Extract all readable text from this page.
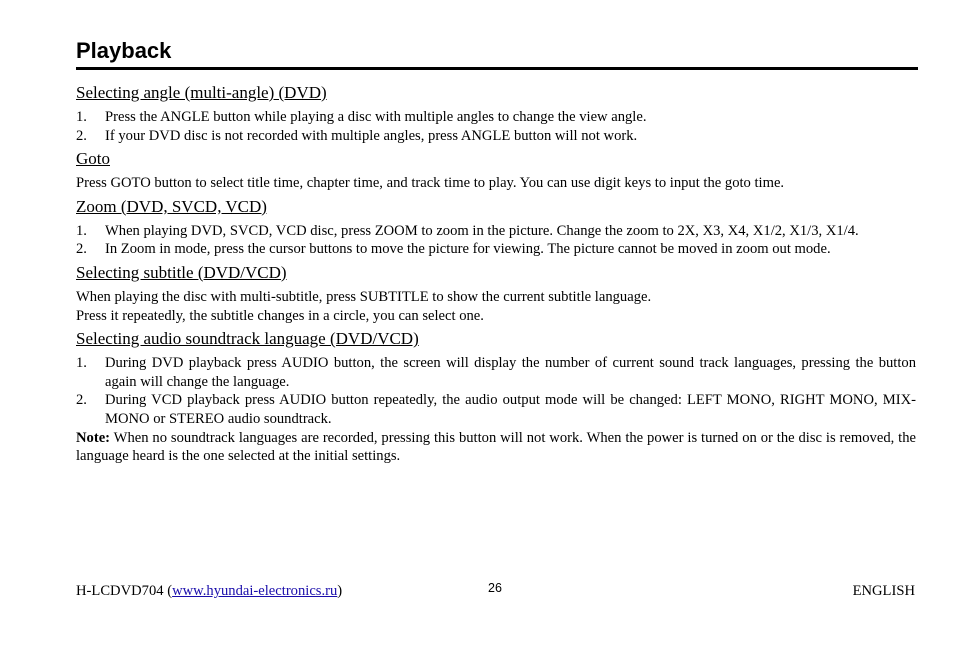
Playback
Selecting angle (multi-angle) (DVD)
1.	Press the ANGLE button while playing a disc with multiple angles to change the view angle.
2.	If your DVD disc is not recorded with multiple angles, press ANGLE button will not work.
Goto
Press GOTO button to select title time, chapter time, and track time to play. You can use digit keys to input the goto time.
Zoom (DVD, SVCD, VCD)
1.	When playing DVD, SVCD, VCD disc, press ZOOM to zoom in the picture. Change the zoom to 2X, X3, X4, X1/2, X1/3, X1/4.
2.	In Zoom in mode, press the cursor buttons to move the picture for viewing. The picture cannot be moved in zoom out mode.
Selecting subtitle (DVD/VCD)
When playing the disc with multi-subtitle, press SUBTITLE to show the current subtitle language.
Press it repeatedly, the subtitle changes in a circle, you can select one.
Selecting audio soundtrack language (DVD/VCD)
1.	During DVD playback press AUDIO button, the screen will display the number of current sound track languages, pressing the button again will change the language.
2.	During VCD playback press AUDIO button repeatedly, the audio output mode will be changed: LEFT MONO, RIGHT MONO, MIX-MONO or STEREO audio soundtrack.
Note: When no soundtrack languages are recorded, pressing this button will not work. When the power is turned on or the disc is removed, the language heard is the one selected at the initial settings.
H-LCDVD704 (www.hyundai-electronics.ru)	26	ENGLISH
